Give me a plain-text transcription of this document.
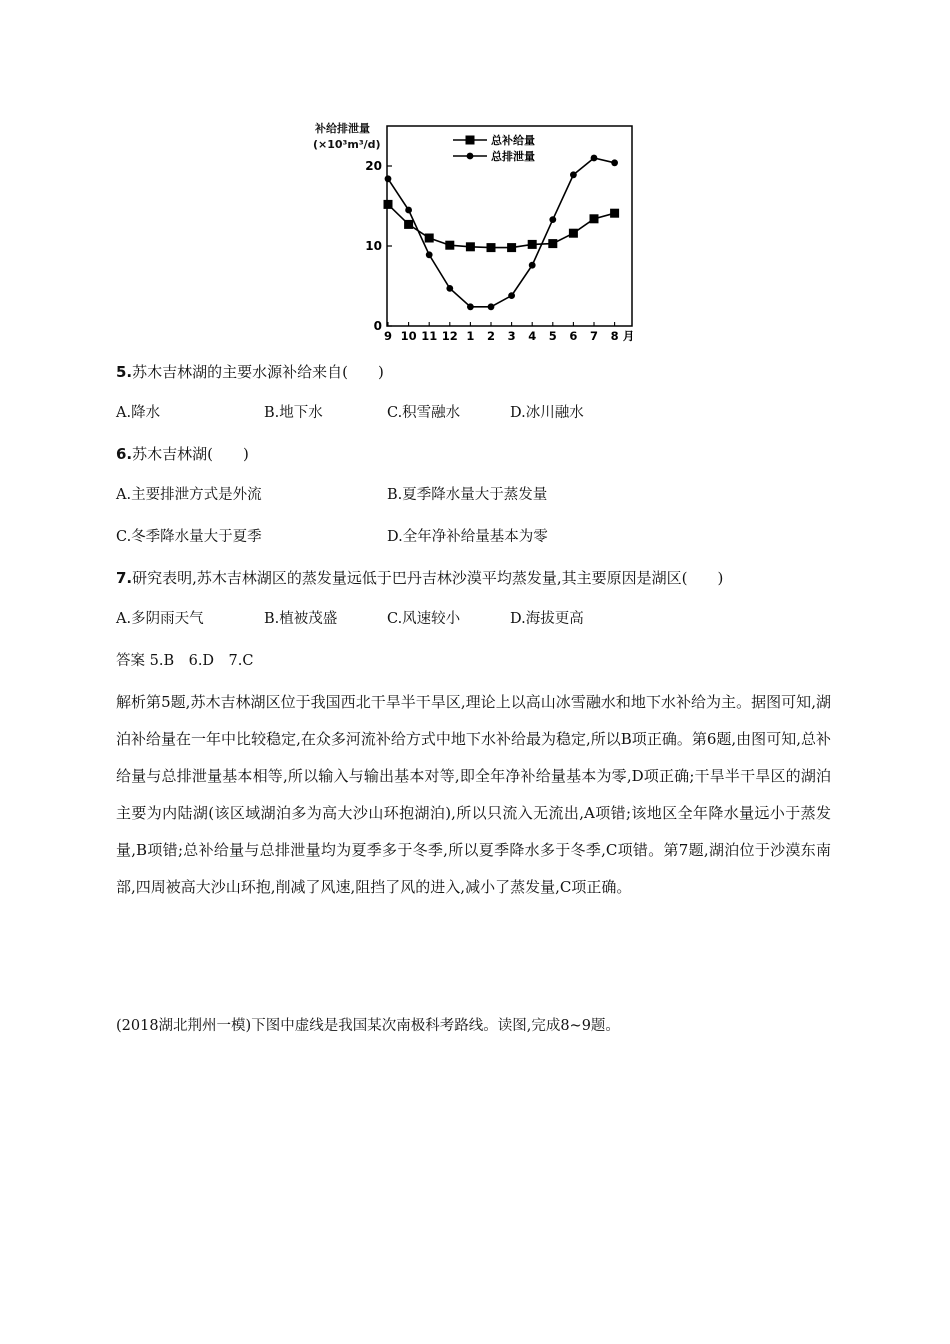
补给排泄量
(×10³m³/d)
0
10
20
9 10 11 12 1 2 3 4 5 6 7 8 月
总补给量
总排泄量
5.苏木吉林湖的主要水源补给来自(　　)
A.降水	B.地下水	C.积雪融水	D.冰川融水
6.苏木吉林湖(　　)
A.主要排泄方式是外流	B.夏季降水量大于蒸发量
C.冬季降水量大于夏季	D.全年净补给量基本为零
7.研究表明,苏木吉林湖区的蒸发量远低于巴丹吉林沙漠平均蒸发量,其主要原因是湖区(　　)
A.多阴雨天气	B.植被茂盛	C.风速较小	D.海拔更高
答案 5.B　6.D　7.C
解析第5题,苏木吉林湖区位于我国西北干旱半干旱区,理论上以高山冰雪融水和地下水补给为主。据图可知,湖泊补给量在一年中比较稳定,在众多河流补给方式中地下水补给最为稳定,所以B项正确。第6题,由图可知,总补给量与总排泄量基本相等,所以输入与输出基本对等,即全年净补给量基本为零,D项正确;干旱半干旱区的湖泊主要为内陆湖(该区域湖泊多为高大沙山环抱湖泊),所以只流入无流出,A项错;该地区全年降水量远小于蒸发量,B项错;总补给量与总排泄量均为夏季多于冬季,所以夏季降水多于冬季,C项错。第7题,湖泊位于沙漠东南部,四周被高大沙山环抱,削减了风速,阻挡了风的进入,减小了蒸发量,C项正确。
(2018湖北荆州一模)下图中虚线是我国某次南极科考路线。读图,完成8~9题。
